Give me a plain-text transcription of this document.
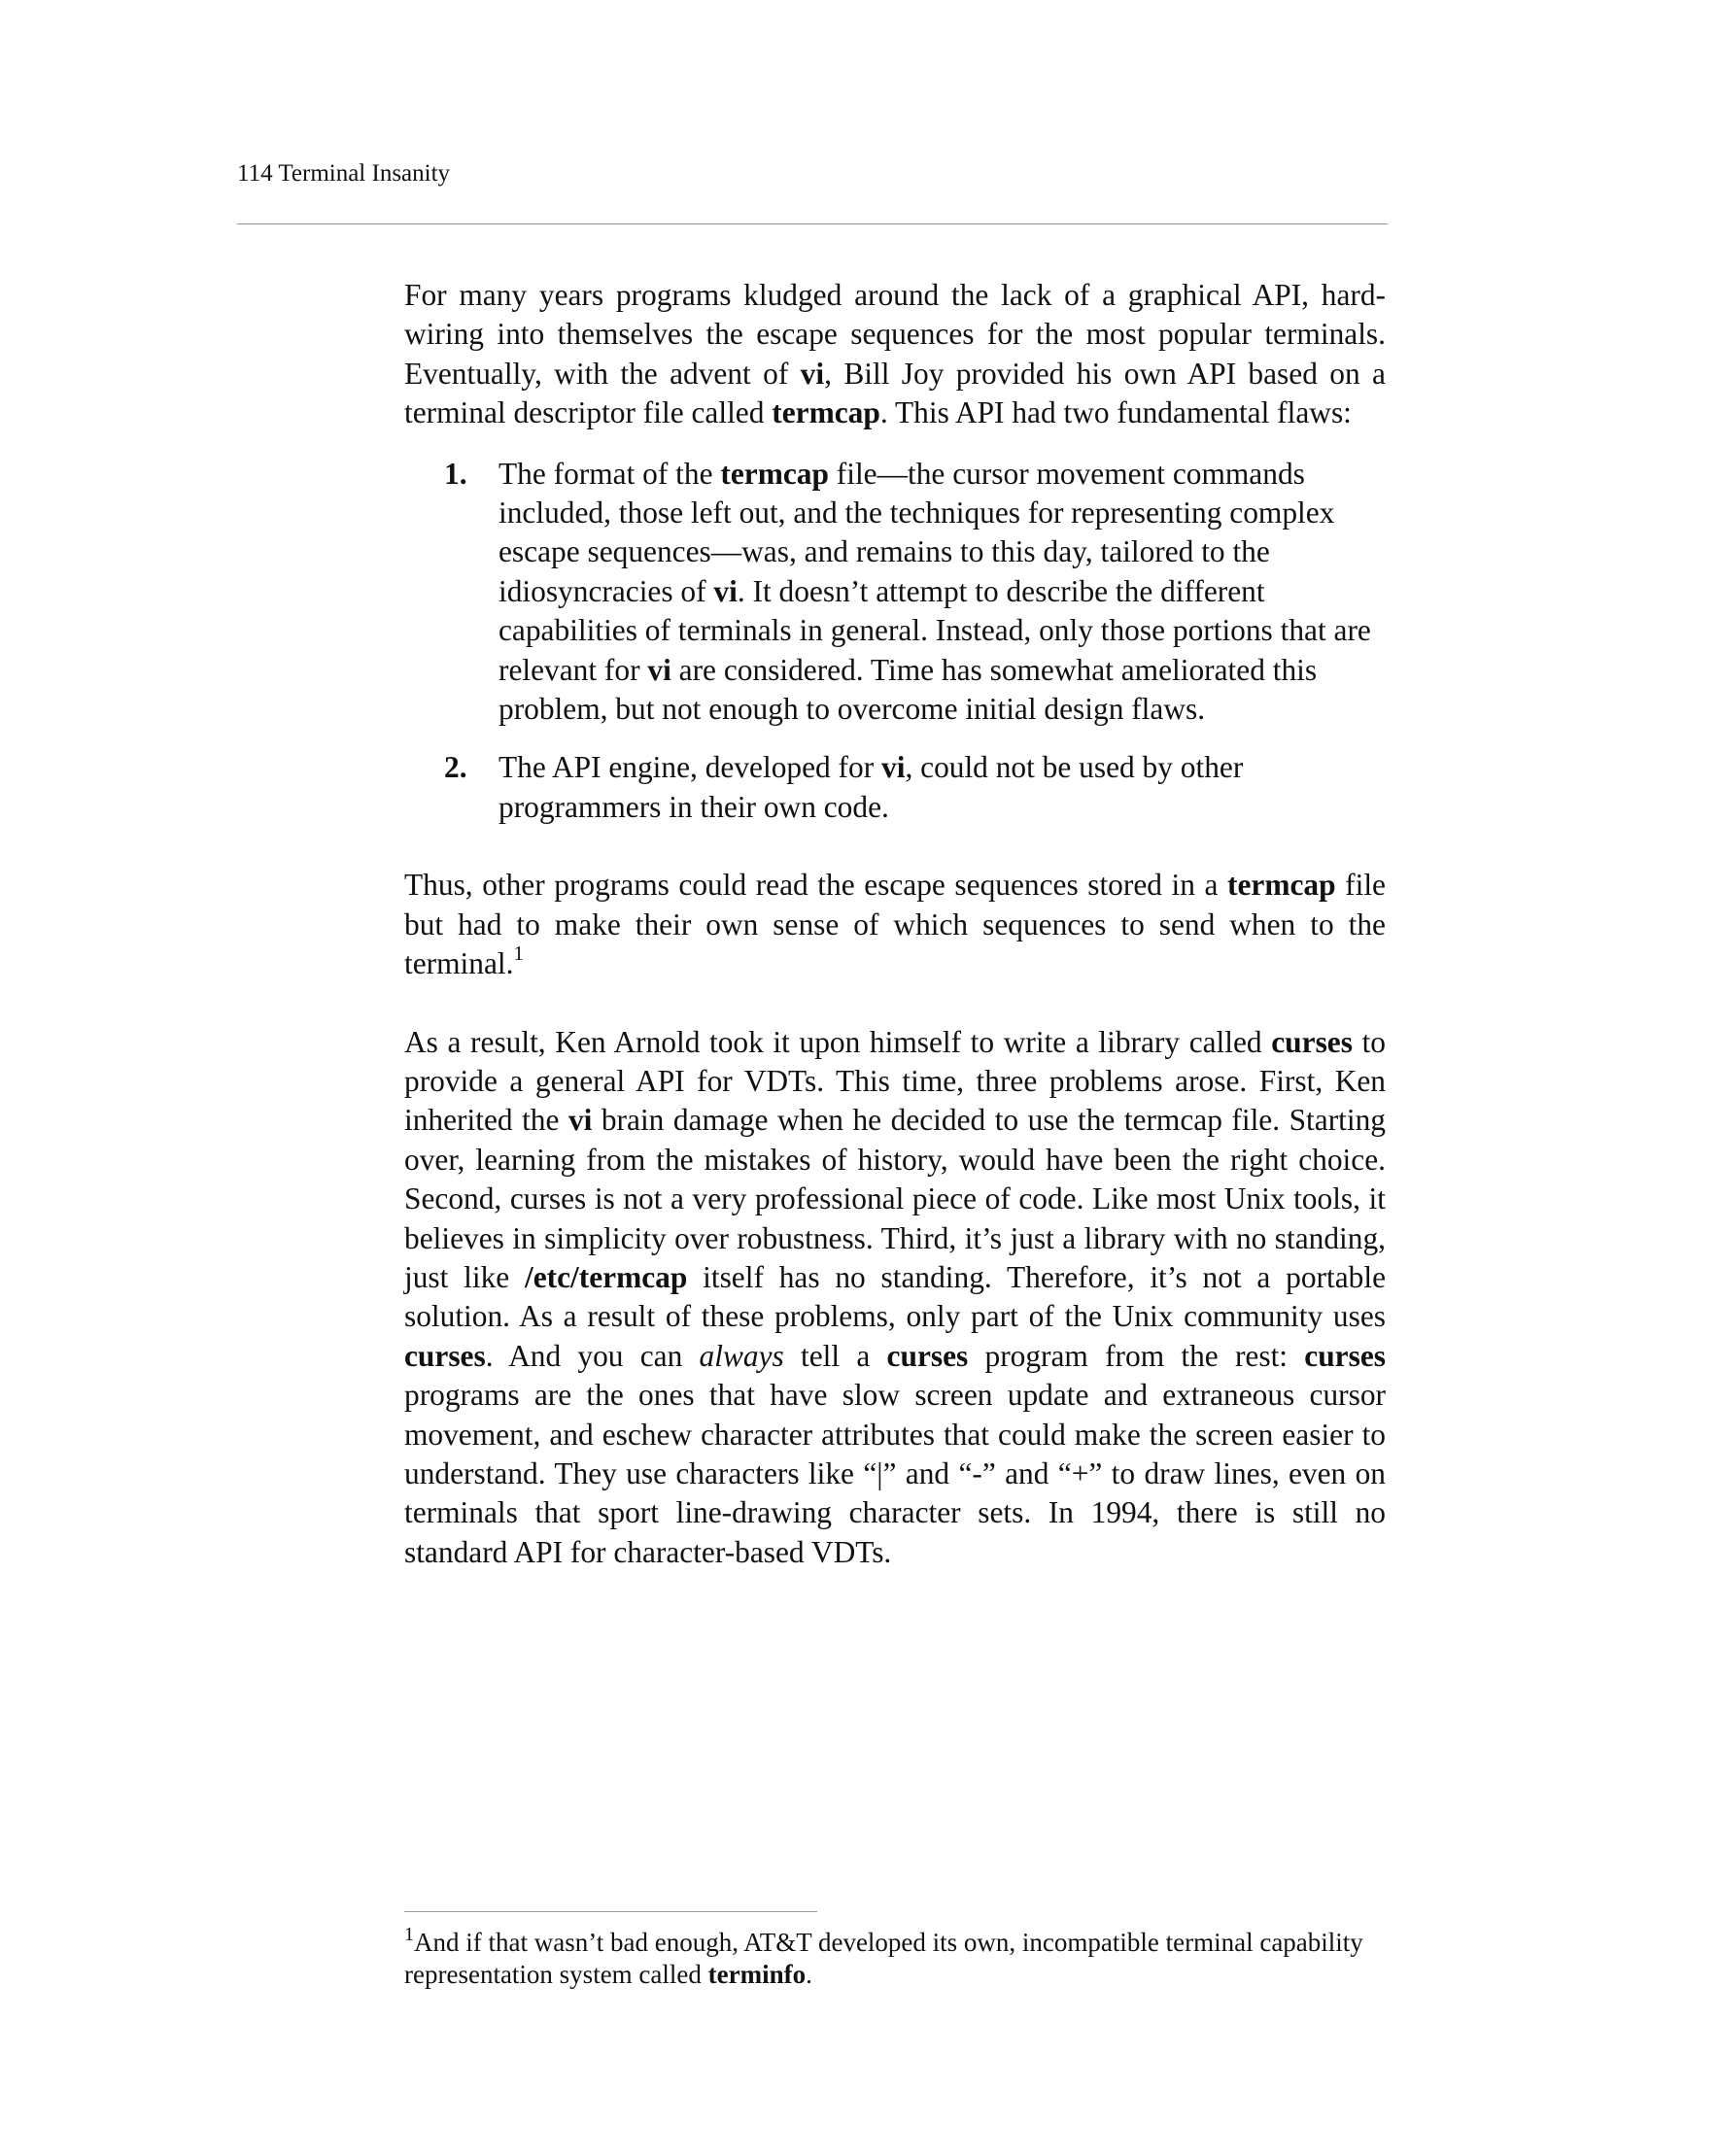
114 Terminal Insanity

For many years programs kludged around the lack of a graphical API, hard-wiring into themselves the escape sequences for the most popular terminals. Eventually, with the advent of vi, Bill Joy provided his own API based on a terminal descriptor file called termcap. This API had two fundamental flaws:

1. The format of the termcap file—the cursor movement commands included, those left out, and the techniques for representing complex escape sequences—was, and remains to this day, tailored to the idiosyncracies of vi. It doesn’t attempt to describe the different capabilities of terminals in general. Instead, only those portions that are relevant for vi are considered. Time has somewhat ameliorated this problem, but not enough to overcome initial design flaws.
2. The API engine, developed for vi, could not be used by other programmers in their own code.

Thus, other programs could read the escape sequences stored in a termcap file but had to make their own sense of which sequences to send when to the terminal.$^1$

As a result, Ken Arnold took it upon himself to write a library called curses to provide a general API for VDTs. This time, three problems arose. First, Ken inherited the vi brain damage when he decided to use the termcap file. Starting over, learning from the mistakes of history, would have been the right choice. Second, curses is not a very professional piece of code. Like most Unix tools, it believes in simplicity over robustness. Third, it’s just a library with no standing, just like /etc/termcap itself has no standing. Therefore, it’s not a portable solution. As a result of these problems, only part of the Unix community uses curses. And you can always tell a curses program from the rest: curses programs are the ones that have slow screen update and extraneous cursor movement, and eschew character attributes that could make the screen easier to understand. They use characters like “|” and “-” and “+” to draw lines, even on terminals that sport line-drawing character sets. In 1994, there is still no standard API for character-based VDTs.

$^1$And if that wasn’t bad enough, AT&T developed its own, incompatible terminal capability representation system called terminfo.
